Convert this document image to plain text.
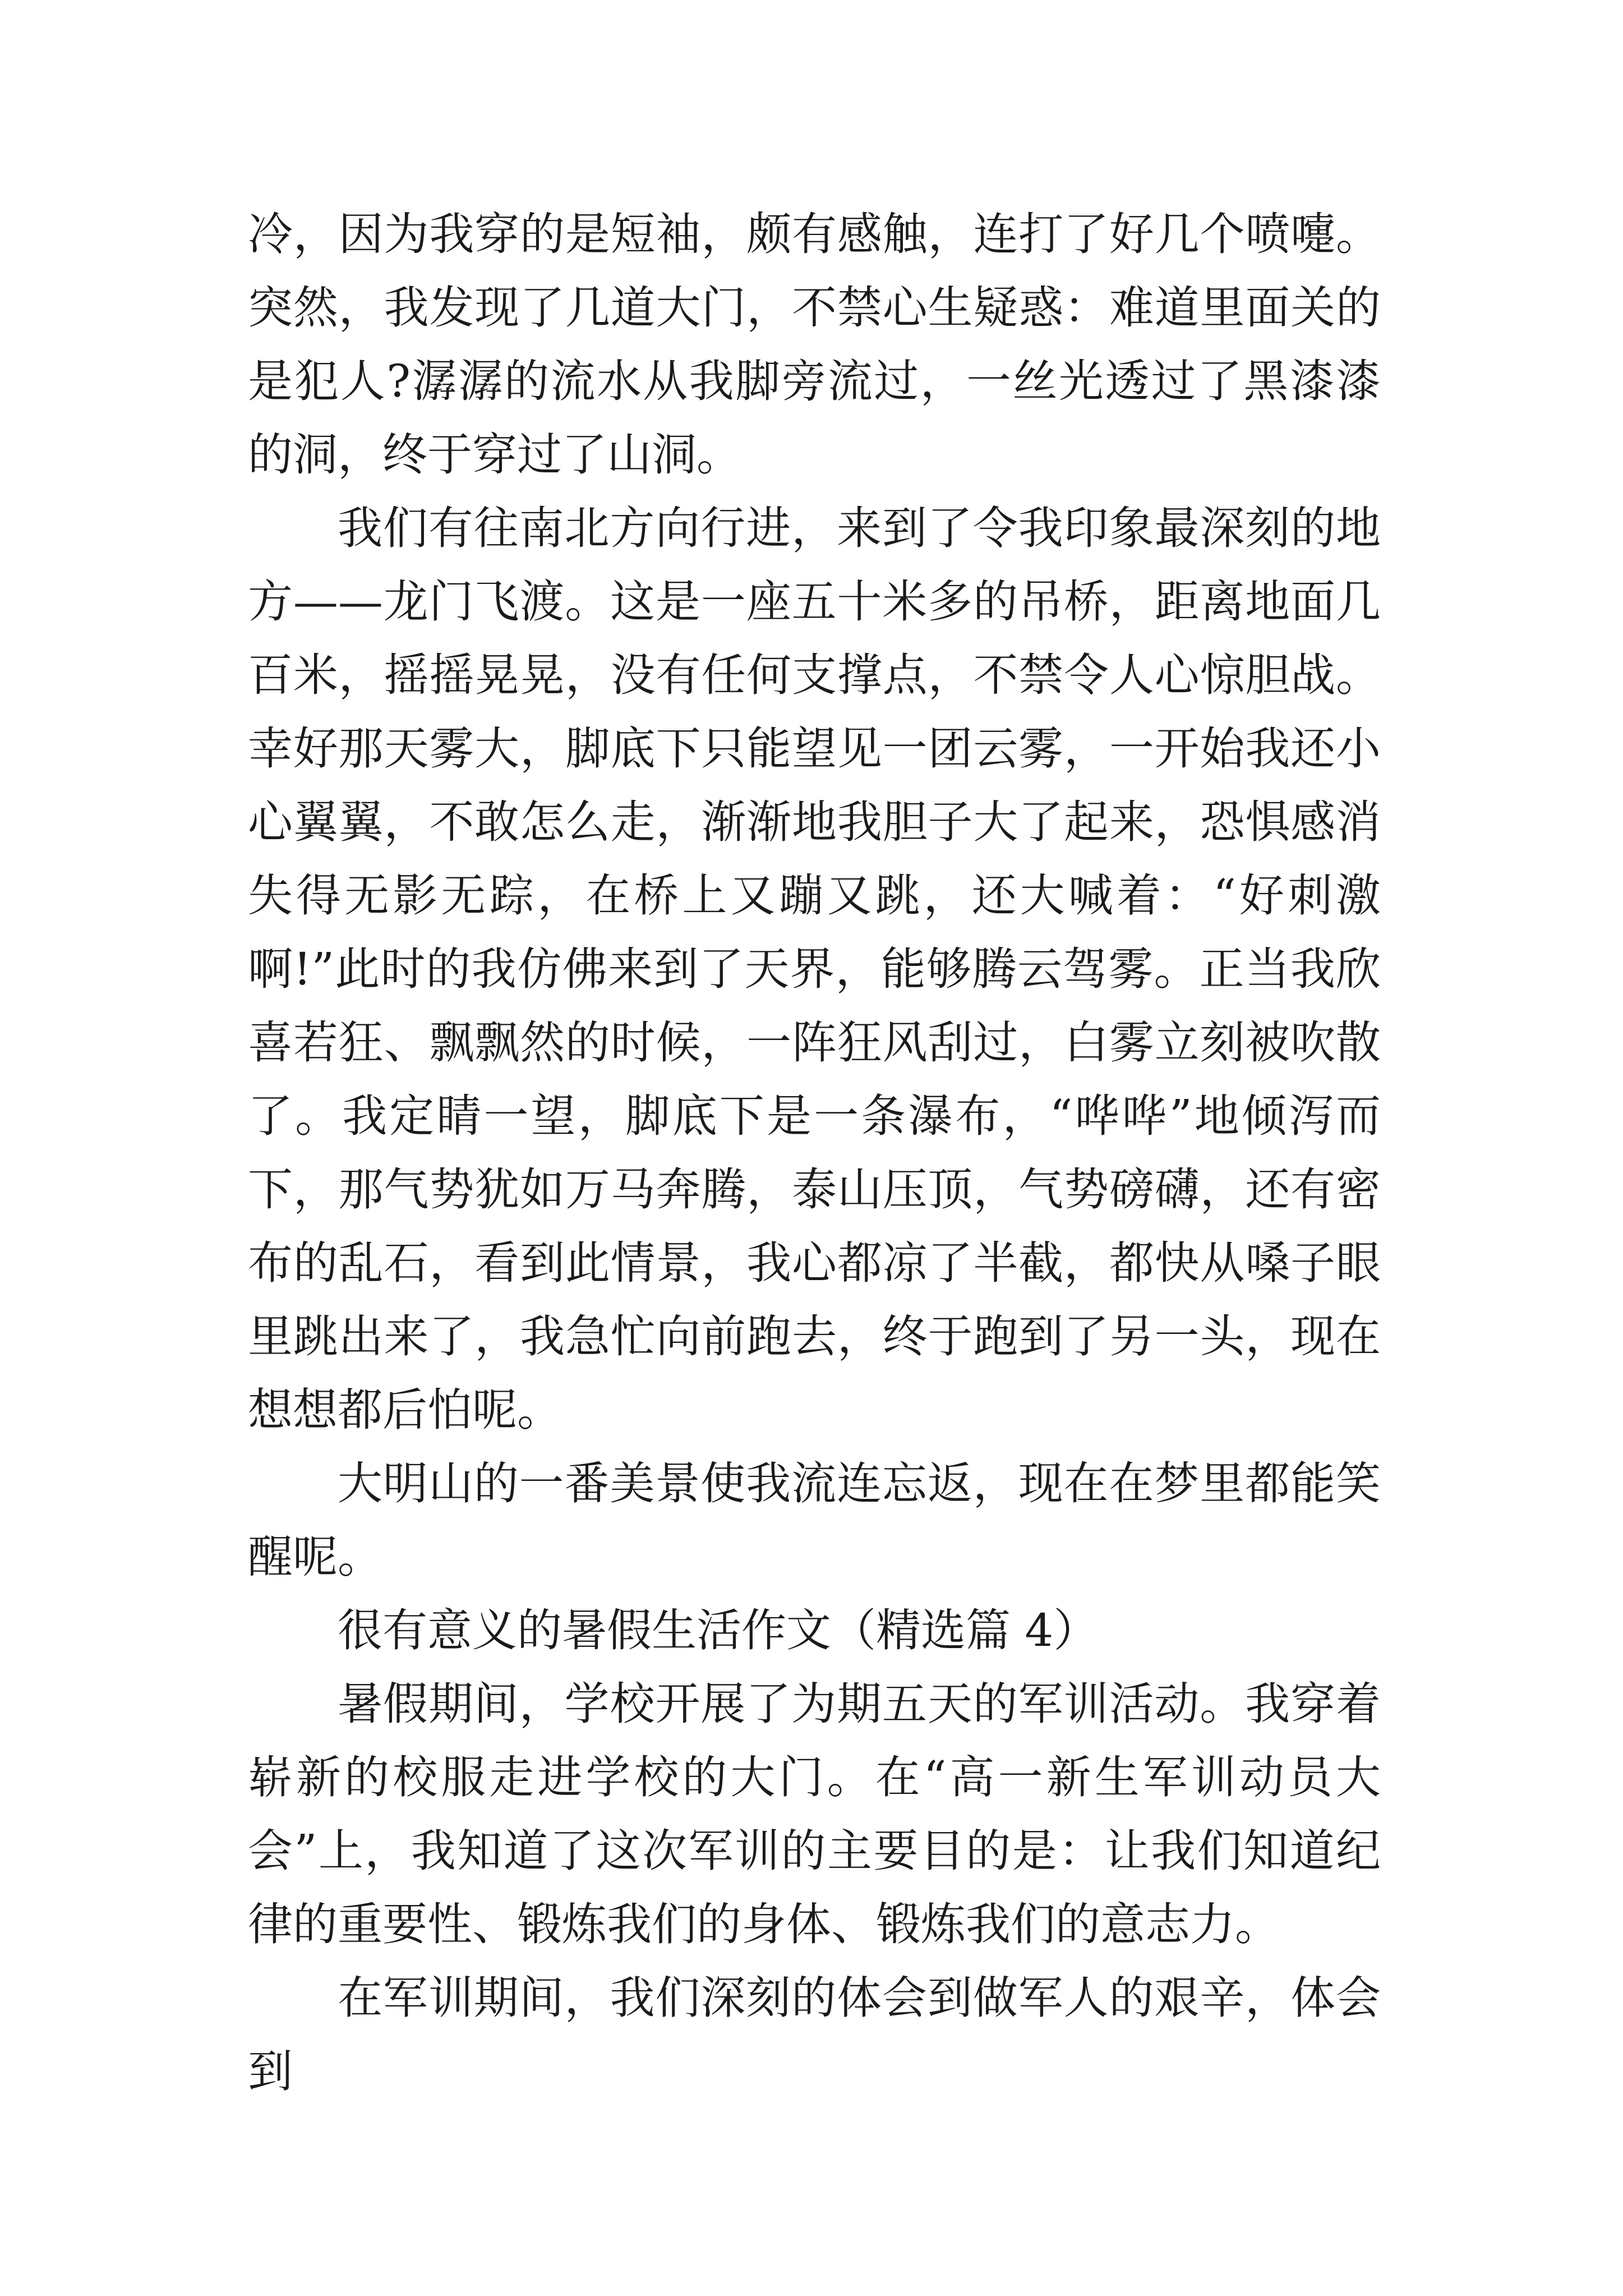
冷，因为我穿的是短袖，颇有感触，连打了好几个喷嚏。突然，我发现了几道大门，不禁心生疑惑：难道里面关的是犯人?潺潺的流水从我脚旁流过，一丝光透过了黑漆漆的洞，终于穿过了山洞。

我们有往南北方向行进，来到了令我印象最深刻的地方——龙门飞渡。这是一座五十米多的吊桥，距离地面几百米，摇摇晃晃，没有任何支撑点，不禁令人心惊胆战。幸好那天雾大，脚底下只能望见一团云雾，一开始我还小心翼翼，不敢怎么走，渐渐地我胆子大了起来，恐惧感消失得无影无踪，在桥上又蹦又跳，还大喊着：“好刺激啊!”此时的我仿佛来到了天界，能够腾云驾雾。正当我欣喜若狂、飘飘然的时候，一阵狂风刮过，白雾立刻被吹散了。我定睛一望，脚底下是一条瀑布，“哗哗”地倾泻而下，那气势犹如万马奔腾，泰山压顶，气势磅礴，还有密布的乱石，看到此情景，我心都凉了半截，都快从嗓子眼里跳出来了，我急忙向前跑去，终于跑到了另一头，现在想想都后怕呢。

大明山的一番美景使我流连忘返，现在在梦里都能笑醒呢。

很有意义的暑假生活作文（精选篇 4）

暑假期间，学校开展了为期五天的军训活动。我穿着崭新的校服走进学校的大门。在“高一新生军训动员大会”上，我知道了这次军训的主要目的是：让我们知道纪律的重要性、锻炼我们的身体、锻炼我们的意志力。

在军训期间，我们深刻的体会到做军人的艰辛，体会到
